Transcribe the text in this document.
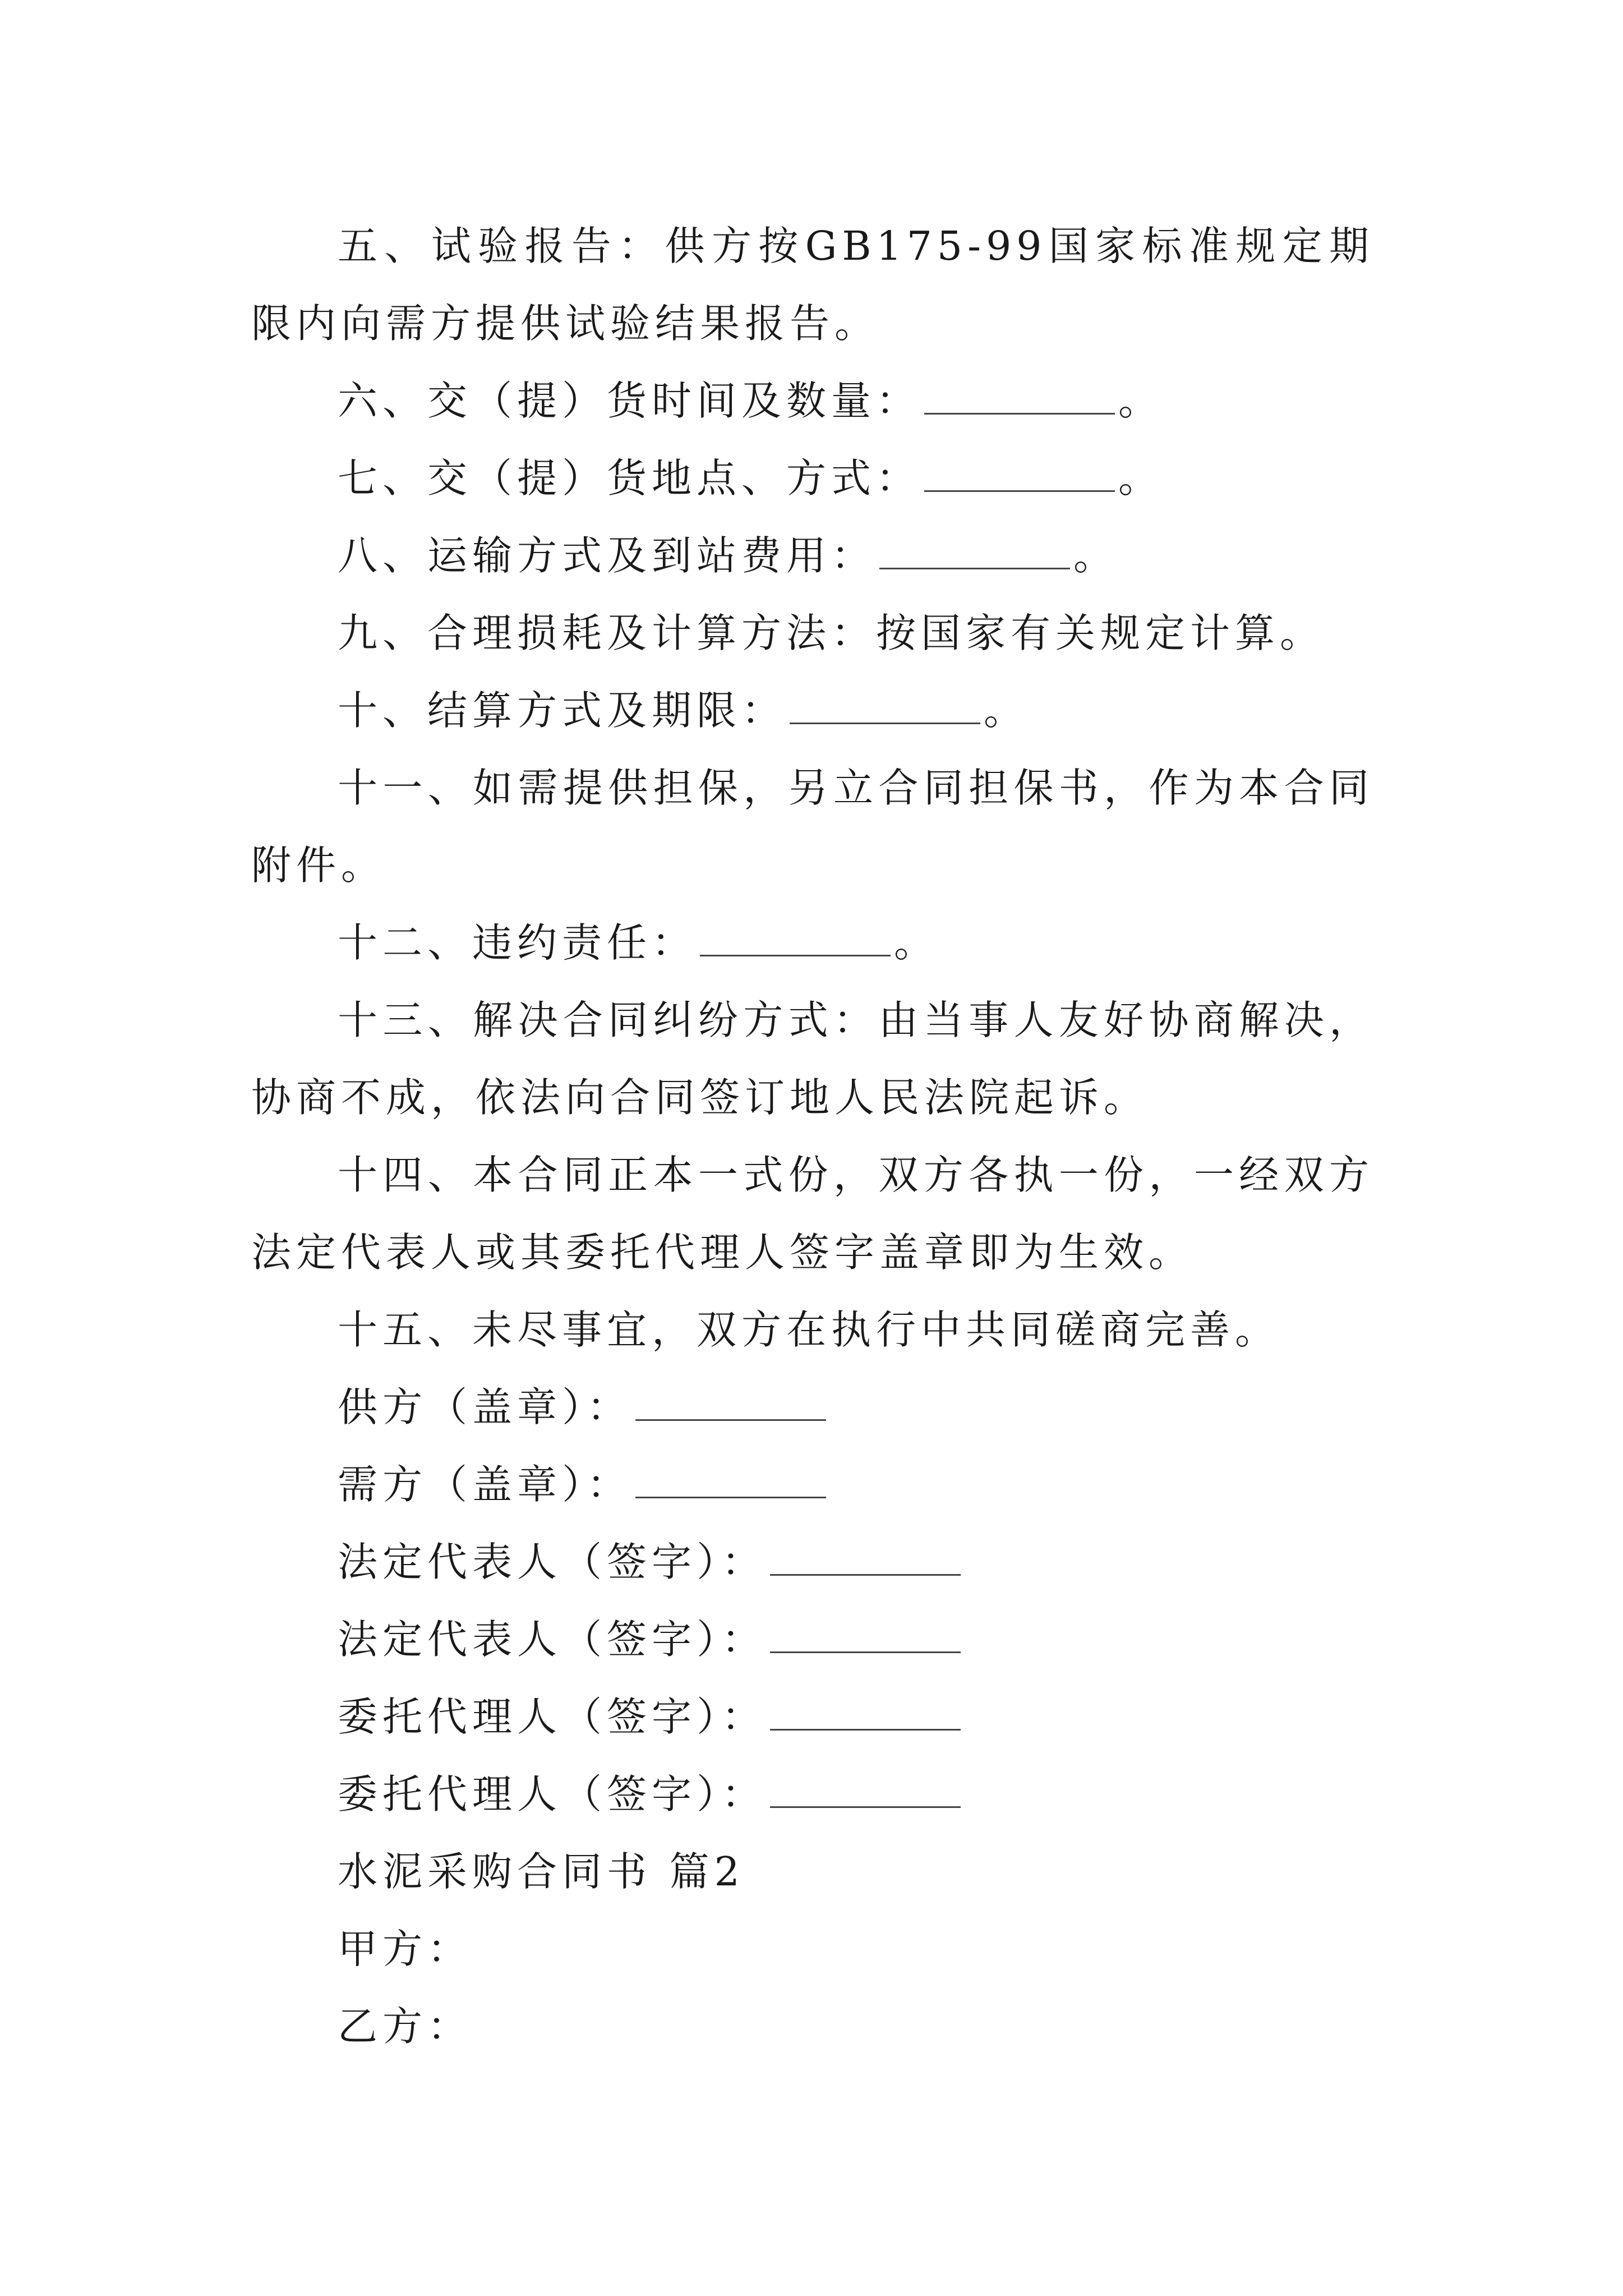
五、试验报告：供方按GB175-99国家标准规定期限内向需方提供试验结果报告。

六、交（提）货时间及数量：	。

七、交（提）货地点、方式：	。

八、运输方式及到站费用：	。

九、合理损耗及计算方法：按国家有关规定计算。

十、结算方式及期限：	。

十一、如需提供担保，另立合同担保书，作为本合同附件。

十二、违约责任：	。

十三、解决合同纠纷方式：由当事人友好协商解决，协商不成，依法向合同签订地人民法院起诉。

十四、本合同正本一式份，双方各执一份，一经双方法定代表人或其委托代理人签字盖章即为生效。

十五、未尽事宜，双方在执行中共同磋商完善。

供方（盖章）：

需方（盖章）：

法定代表人（签字）：

法定代表人（签字）：

委托代理人（签字）：

委托代理人（签字）：

水泥采购合同书 篇2

甲方：

乙方：
